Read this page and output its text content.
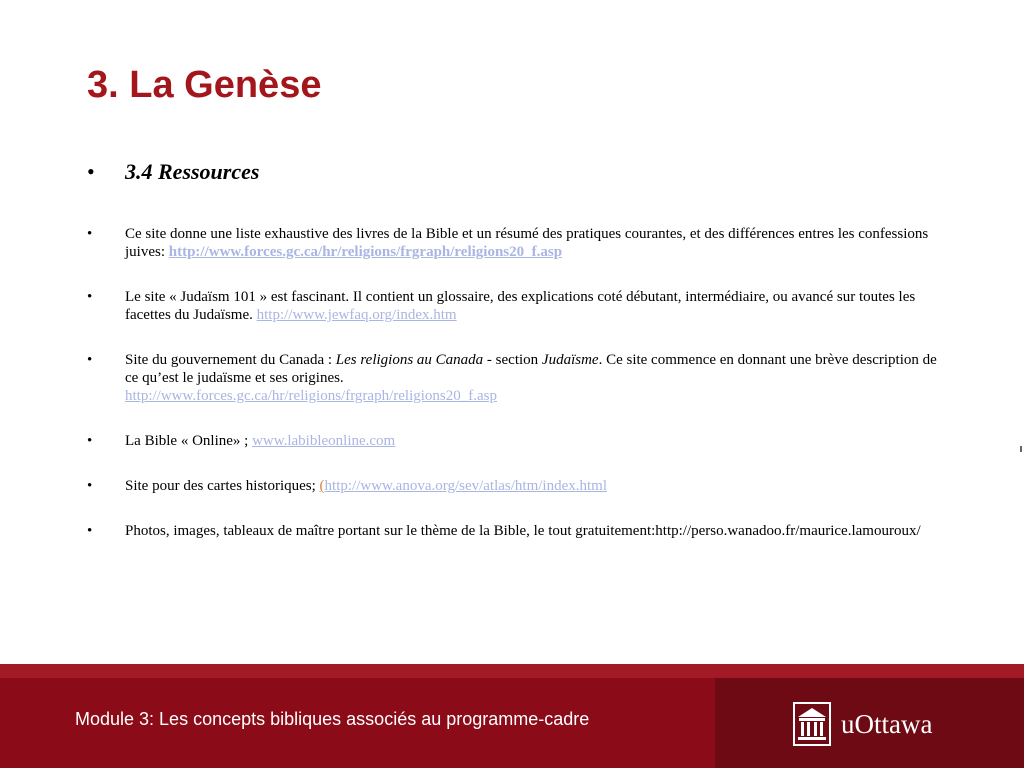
3. La Genèse
• 3.4 Ressources
• Ce site donne une liste exhaustive des livres de la Bible et un résumé des pratiques courantes, et des différences entres les confessions juives: http://www.forces.gc.ca/hr/religions/frgraph/religions20_f.asp
• Le site « Judaïsm 101 » est fascinant. Il contient un glossaire, des explications coté débutant, intermédiaire, ou avancé sur toutes les facettes du Judaïsme. http://www.jewfaq.org/index.htm
• Site du gouvernement du Canada : Les religions au Canada - section Judaïsme. Ce site commence en donnant une brève description de ce qu’est le judaïsme et ses origines.
http://www.forces.gc.ca/hr/religions/frgraph/religions20_f.asp
• La Bible « Online» ; www.labibleonline.com
• Site pour des cartes historiques; (http://www.anova.org/sev/atlas/htm/index.html
• Photos, images, tableaux de maître portant sur le thème de la Bible, le tout gratuitement:http://perso.wanadoo.fr/maurice.lamouroux/
Module 3: Les concepts bibliques associés au programme-cadre	uOttawa
